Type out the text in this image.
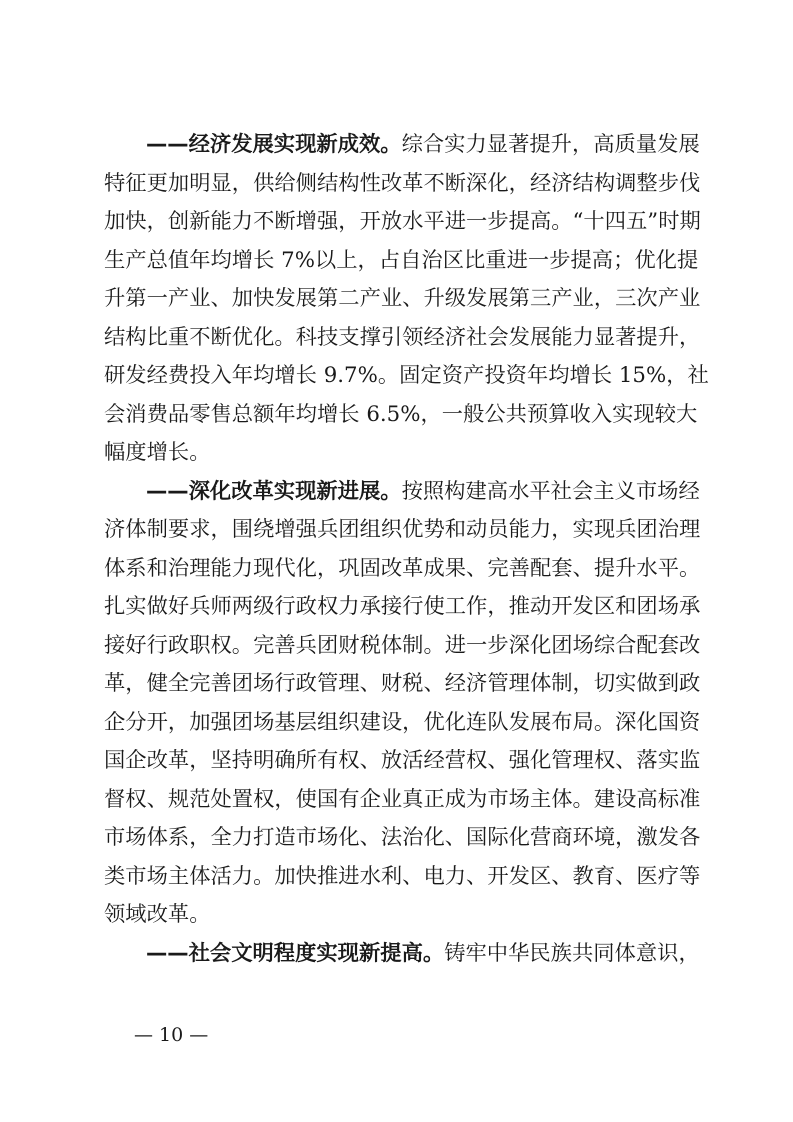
——经济发展实现新成效。综合实力显著提升，高质量发展
特征更加明显，供给侧结构性改革不断深化，经济结构调整步伐
加快，创新能力不断增强，开放水平进一步提高。“十四五”时期
生产总值年均增长 7%以上，占自治区比重进一步提高；优化提
升第一产业、加快发展第二产业、升级发展第三产业，三次产业
结构比重不断优化。科技支撑引领经济社会发展能力显著提升，
研发经费投入年均增长 9.7%。固定资产投资年均增长 15%，社
会消费品零售总额年均增长 6.5%，一般公共预算收入实现较大
幅度增长。
——深化改革实现新进展。按照构建高水平社会主义市场经
济体制要求，围绕增强兵团组织优势和动员能力，实现兵团治理
体系和治理能力现代化，巩固改革成果、完善配套、提升水平。
扎实做好兵师两级行政权力承接行使工作，推动开发区和团场承
接好行政职权。完善兵团财税体制。进一步深化团场综合配套改
革，健全完善团场行政管理、财税、经济管理体制，切实做到政
企分开，加强团场基层组织建设，优化连队发展布局。深化国资
国企改革，坚持明确所有权、放活经营权、强化管理权、落实监
督权、规范处置权，使国有企业真正成为市场主体。建设高标准
市场体系，全力打造市场化、法治化、国际化营商环境，激发各
类市场主体活力。加快推进水利、电力、开发区、教育、医疗等
领域改革。
——社会文明程度实现新提高。铸牢中华民族共同体意识，
— 10 —
